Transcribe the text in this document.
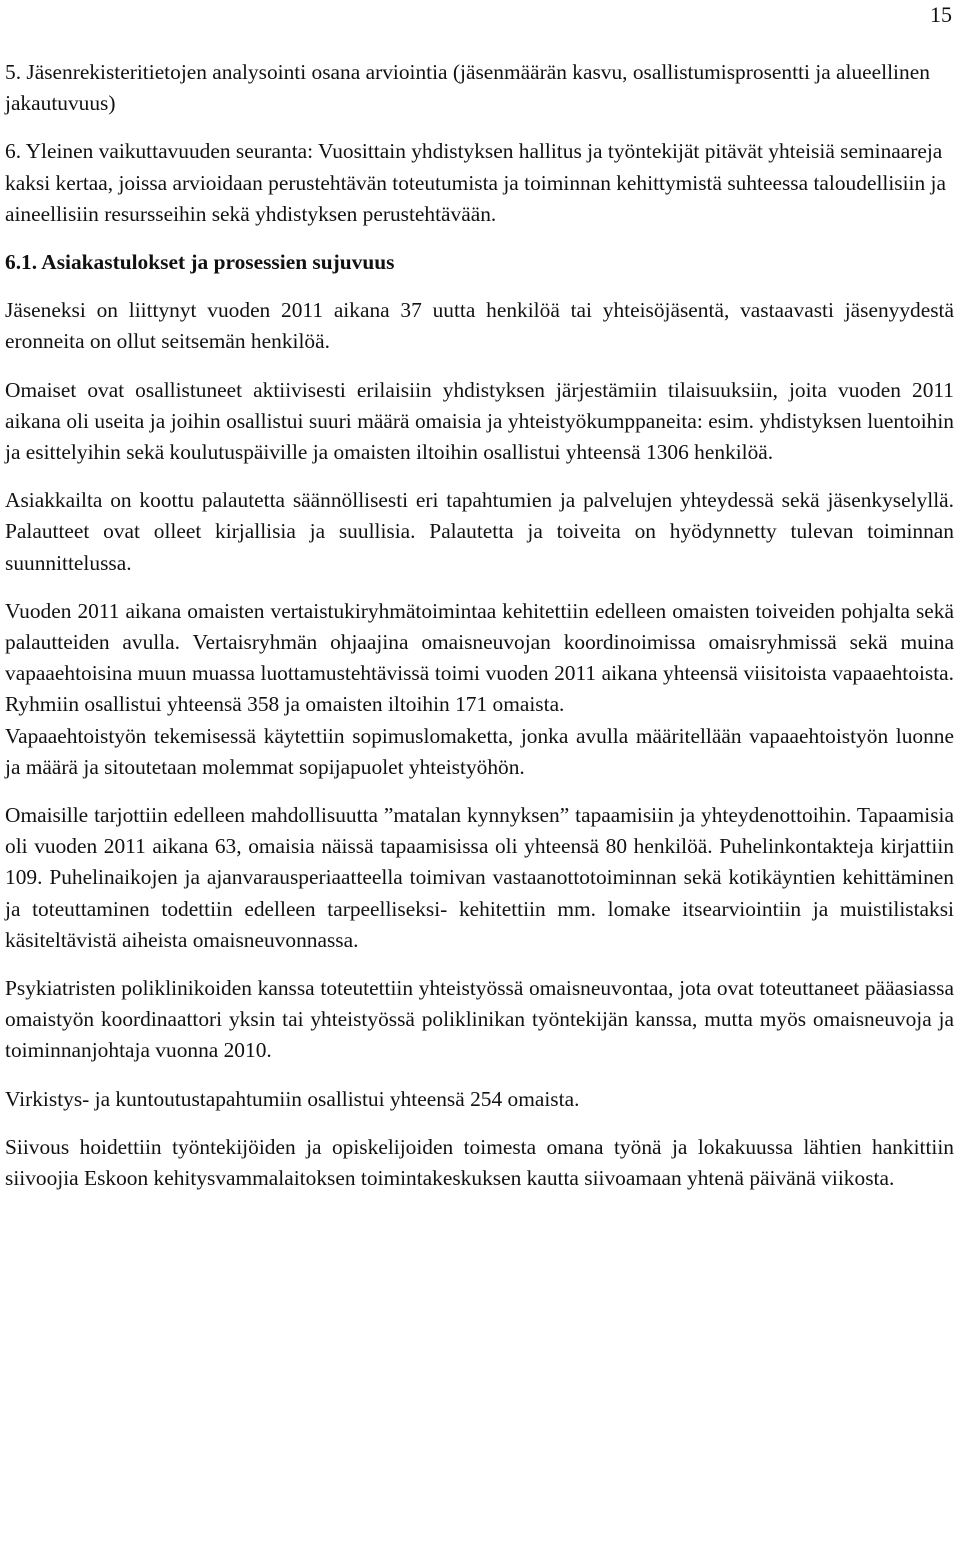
15

5. Jäsenrekisteritietojen analysointi osana arviointia (jäsenmäärän kasvu, osallistumisprosentti ja alueellinen jakautuvuus)

6. Yleinen vaikuttavuuden seuranta: Vuosittain yhdistyksen hallitus ja työntekijät pitävät yhteisiä seminaareja kaksi kertaa, joissa arvioidaan perustehtävän toteutumista ja toiminnan kehittymistä suhteessa taloudellisiin ja aineellisiin resursseihin sekä yhdistyksen perustehtävään.

6.1. Asiakastulokset ja prosessien sujuvuus

Jäseneksi on liittynyt vuoden 2011 aikana 37 uutta henkilöä tai yhteisöjäsentä, vastaavasti jäsenyydestä eronneita on ollut seitsemän henkilöä.

Omaiset ovat osallistuneet aktiivisesti erilaisiin yhdistyksen järjestämiin tilaisuuksiin, joita vuoden 2011 aikana oli useita ja joihin osallistui suuri määrä omaisia ja yhteistyökumppaneita: esim. yhdistyksen luentoihin ja esittelyihin sekä koulutuspäiville ja omaisten iltoihin osallistui yhteensä 1306 henkilöä.

Asiakkailta on koottu palautetta säännöllisesti eri tapahtumien ja palvelujen yhteydessä sekä jäsenkyselyllä. Palautteet ovat olleet kirjallisia ja suullisia. Palautetta ja toiveita on hyödynnetty tulevan toiminnan suunnittelussa.

Vuoden 2011 aikana omaisten vertaistukiryhmätoimintaa kehitettiin edelleen omaisten toiveiden pohjalta sekä palautteiden avulla. Vertaisryhmän ohjaajina omaisneuvojan koordinoimissa omaisryhmissä sekä muina vapaaehtoisina muun muassa luottamustehtävissä toimi vuoden 2011 aikana yhteensä viisitoista vapaaehtoista. Ryhmiin osallistui yhteensä 358 ja omaisten iltoihin 171 omaista.

Vapaaehtoistyön tekemisessä käytettiin sopimuslomaketta, jonka avulla määritellään vapaaehtoistyön luonne ja määrä ja sitoutetaan molemmat sopijapuolet yhteistyöhön.

Omaisille tarjottiin edelleen mahdollisuutta ”matalan kynnyksen” tapaamisiin ja yhteydenottoihin. Tapaamisia oli vuoden 2011 aikana 63, omaisia näissä tapaamisissa oli yhteensä 80 henkilöä. Puhelinkontakteja kirjattiin 109. Puhelinaikojen ja ajanvarausperiaatteella toimivan vastaanottotoiminnan sekä kotikäyntien kehittäminen ja toteuttaminen todettiin edelleen tarpeelliseksi- kehitettiin mm. lomake itsearviointiin ja muistilistaksi käsiteltävistä aiheista omaisneuvonnassa.

Psykiatristen poliklinikoiden kanssa toteutettiin yhteistyössä omaisneuvontaa, jota ovat toteuttaneet pääasiassa omaistyön koordinaattori yksin tai yhteistyössä poliklinikan työntekijän kanssa, mutta myös omaisneuvoja ja toiminnanjohtaja vuonna 2010.

Virkistys- ja kuntoutustapahtumiin osallistui yhteensä 254 omaista.

Siivous hoidettiin työntekijöiden ja opiskelijoiden toimesta omana työnä ja lokakuussa lähtien hankittiin siivoojia Eskoon kehitysvammalaitoksen toimintakeskuksen kautta siivoamaan yhtenä päivänä viikosta.
